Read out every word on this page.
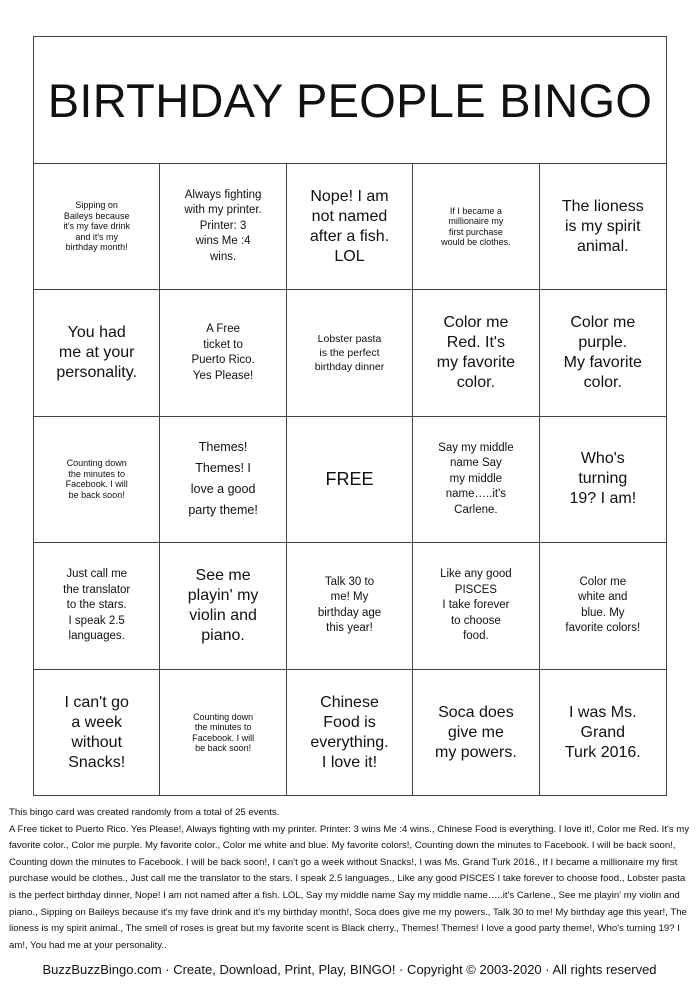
BIRTHDAY PEOPLE BINGO
Sipping on
Baileys because
it's my fave drink
and it's my
birthday month!
Always fighting
with my printer.
Printer: 3
wins Me :4
wins.
Nope! I am
not named
after a fish.
LOL
If I became a
millionaire my
first purchase
would be clothes.
The lioness
is my spirit
animal.
You had
me at your
personality.
A Free
ticket to
Puerto Rico.
Yes Please!
Lobster pasta
is the perfect
birthday dinner
Color me
Red. It's
my favorite
color.
Color me
purple.
My favorite
color.
Counting down
the minutes to
Facebook. I will
be back soon!
Themes!
Themes! I
love a good
party theme!
FREE
Say my middle
name Say
my middle
name…..it's
Carlene.
Who's
turning
19? I am!
Just call me
the translator
to the stars.
I speak 2.5
languages.
See me
playin' my
violin and
piano.
Talk 30 to
me! My
birthday age
this year!
Like any good
PISCES
I take forever
to choose
food.
Color me
white and
blue. My
favorite colors!
I can't go
a week
without
Snacks!
Counting down
the minutes to
Facebook. I will
be back soon!
Chinese
Food is
everything.
I love it!
Soca does
give me
my powers.
I was Ms.
Grand
Turk 2016.
This bingo card was created randomly from a total of 25 events.
A Free ticket to Puerto Rico. Yes Please!, Always fighting with my printer. Printer: 3 wins Me :4 wins., Chinese Food is everything. I love it!, Color me Red. It's my favorite color., Color me purple. My favorite color., Color me white and blue. My favorite colors!, Counting down the minutes to Facebook. I will be back soon!, Counting down the minutes to Facebook. I will be back soon!, I can't go a week without Snacks!, I was Ms. Grand Turk 2016., If I became a millionaire my first purchase would be clothes., Just call me the translator to the stars. I speak 2.5 languages., Like any good PISCES I take forever to choose food., Lobster pasta is the perfect birthday dinner, Nope! I am not named after a fish. LOL, Say my middle name Say my middle name…..it's Carlene., See me playin' my violin and piano., Sipping on Baileys because it's my fave drink and it's my birthday month!, Soca does give me my powers., Talk 30 to me! My birthday age this year!, The lioness is my spirit animal., The smell of roses is great but my favorite scent is Black cherry., Themes! Themes! I love a good party theme!, Who's turning 19? I am!, You had me at your personality..
BuzzBuzzBingo.com · Create, Download, Print, Play, BINGO! · Copyright © 2003-2020 · All rights reserved
